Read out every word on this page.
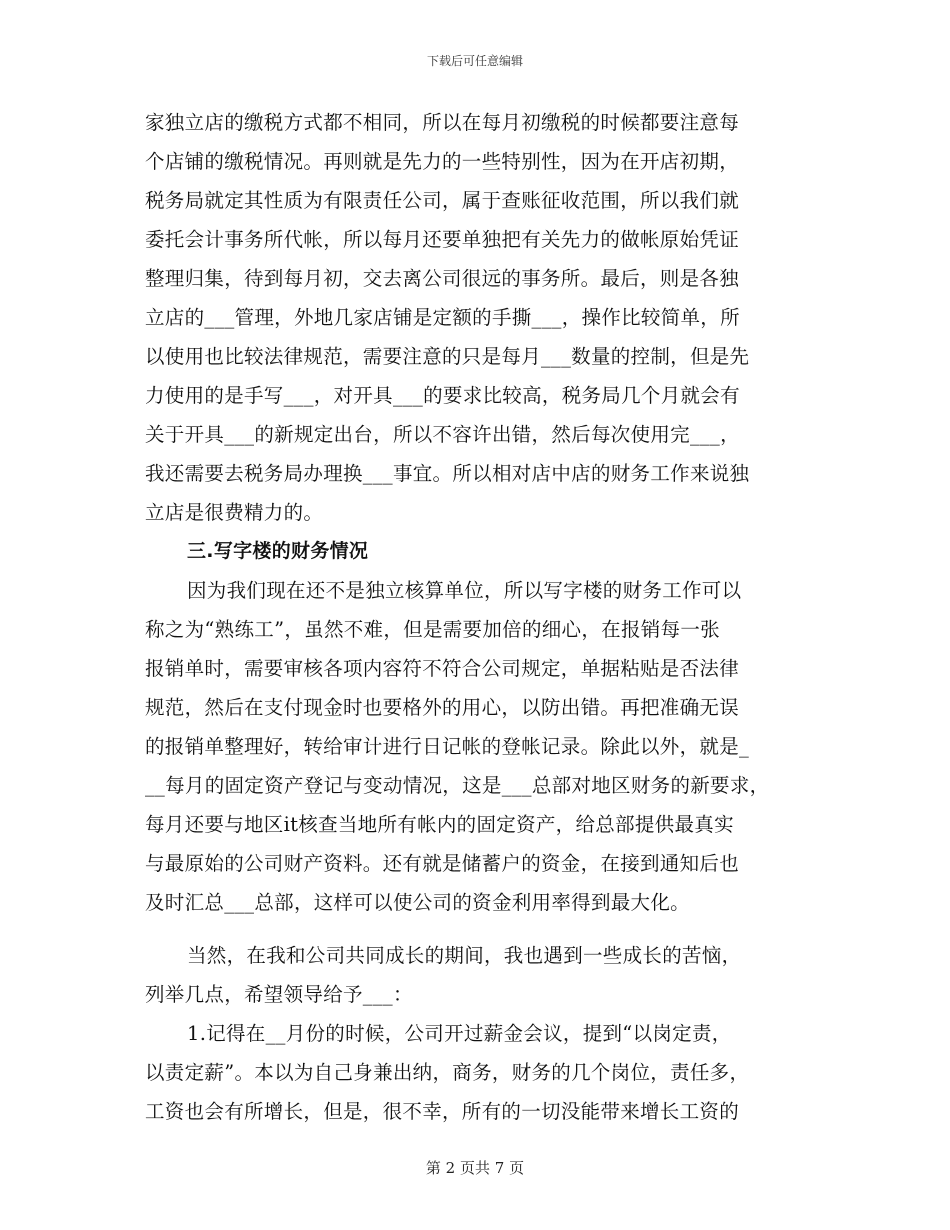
下载后可任意编辑
家独立店的缴税方式都不相同，所以在每月初缴税的时候都要注意每
个店铺的缴税情况。再则就是先力的一些特别性，因为在开店初期，
税务局就定其性质为有限责任公司，属于查账征收范围，所以我们就
委托会计事务所代帐，所以每月还要单独把有关先力的做帐原始凭证
整理归集，待到每月初，交去离公司很远的事务所。最后，则是各独
立店的___管理，外地几家店铺是定额的手撕___，操作比较简单，所
以使用也比较法律规范，需要注意的只是每月___数量的控制，但是先
力使用的是手写___，对开具___的要求比较高，税务局几个月就会有
关于开具___的新规定出台，所以不容许出错，然后每次使用完___，
我还需要去税务局办理换___事宜。所以相对店中店的财务工作来说独
立店是很费精力的。
三.写字楼的财务情况
因为我们现在还不是独立核算单位，所以写字楼的财务工作可以
称之为“熟练工”，虽然不难，但是需要加倍的细心，在报销每一张
报销单时，需要审核各项内容符不符合公司规定，单据粘贴是否法律
规范，然后在支付现金时也要格外的用心，以防出错。再把准确无误
的报销单整理好，转给审计进行日记帐的登帐记录。除此以外，就是_
__每月的固定资产登记与变动情况，这是___总部对地区财务的新要求，
每月还要与地区it核查当地所有帐内的固定资产，给总部提供最真实
与最原始的公司财产资料。还有就是储蓄户的资金，在接到通知后也
及时汇总___总部，这样可以使公司的资金利用率得到最大化。
当然，在我和公司共同成长的期间，我也遇到一些成长的苦恼，
列举几点，希望领导给予___：
1.记得在__月份的时候，公司开过薪金会议，提到“以岗定责，
以责定薪”。本以为自己身兼出纳，商务，财务的几个岗位，责任多，
工资也会有所增长，但是，很不幸，所有的一切没能带来增长工资的
第 2 页共 7 页
